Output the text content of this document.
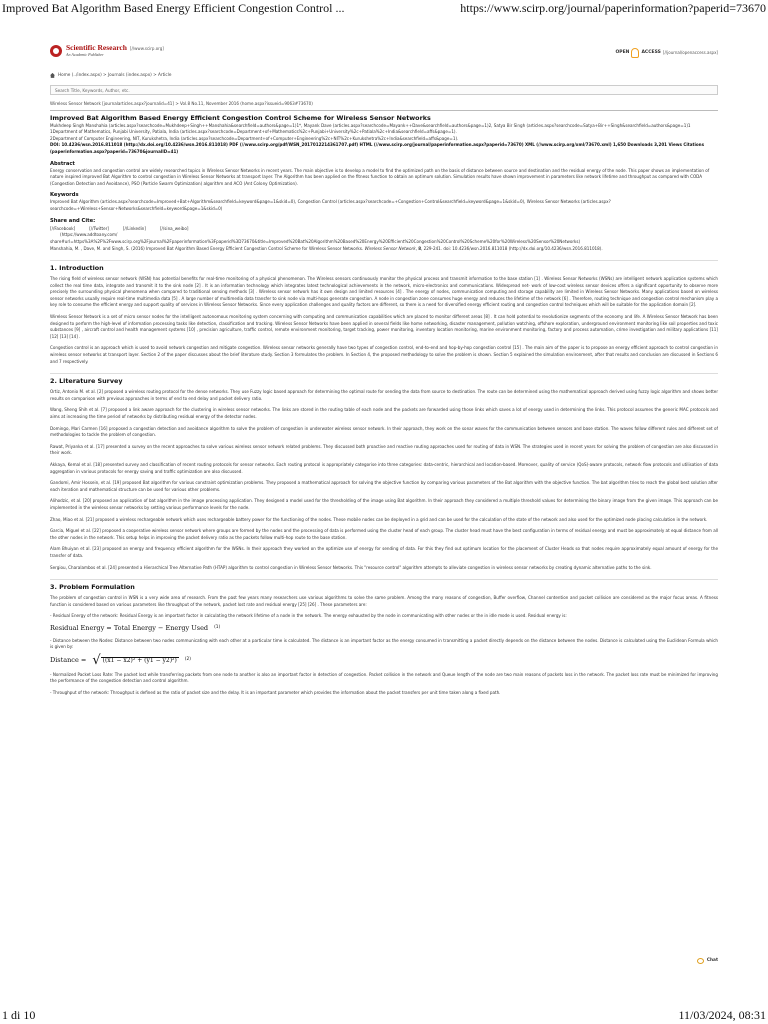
Improved Bat Algorithm Based Energy Efficient Congestion Control ...	https://www.scirp.org/journal/paperinformation?paperid=73670
Scientific Research
An Academic Publisher
[//www.scirp.org]
OPEN	ACCESS [//journal/openaccess.aspx]
Home (../index.aspx) > Journals (index.aspx) > Article
Search Title, Keywords, Author, etc.
Wireless Sensor Network [journalarticles.aspx?journalid=41] > Vol.8 No.11, November 2016 (home.aspx?issueid=9063#73670)
Improved Bat Algorithm Based Energy Efficient Congestion Control Scheme for Wireless Sensor Networks

Mukhdeep Singh Manshahia (articles.aspx?searchcode=Mukhdeep+Singh++Manshahia&searchfield=authors&page=1)1*, Mayank Dave (articles.aspx?searchcode=Mayank++Dave&searchfield=authors&page=1)2, Satya Bir Singh (articles.aspx?searchcode=Satya+Bir++Singh&searchfield=authors&page=1)1

1Department of Mathematics, Punjabi University, Patiala, India (articles.aspx?searchcode=Department+of+Mathematics%2c+Punjabi+University%2c+Patiala%2c+India&searchfield=affs&page=1).

2Department of Computer Engineering, NIT, Kurukshetra, India (articles.aspx?searchcode=Department+of+Computer+Engineering%2c+NIT%2c+Kurukshetra%2c+India&searchfield=affs&page=1).

DOI: 10.4236/wsn.2016.811018 (http://dx.doi.org/10.4236/wsn.2016.811018) PDF (//www.scirp.org/pdf/WSN_2017012214361707.pdf) HTML (//www.scirp.org/journal/paperinformation.aspx?paperid=73670) XML (//www.scirp.org/xml/73670.xml) 1,650 Downloads 3,201 Views Citations (paperinformation.aspx?paperid=73670&journalID=41)

Abstract

Energy conservation and congestion control are widely researched topics in Wireless Sensor Networks in recent years. The main objective is to develop a model to find the optimized path on the basis of distance between source and destination and the residual energy of the node. This paper shows an implementation of nature inspired improved Bat Algorithm to control congestion in Wireless Sensor Networks at transport layer. The Algorithm has been applied on the fitness function to obtain an optimum solution. Simulation results have shown improvement in parameters like network lifetime and throughput as compared with CODA (Congestion Detection and Avoidance), PSO (Particle Swarm Optimization) algorithm and ACO (Ant Colony Optimization).

Keywords

Improved Bat Algorithm (articles.aspx?searchcode=Improved+Bat+Algorithm&searchfield=keyword&page=1&skid=0), Congestion Control (articles.aspx?searchcode=+Congestion+Control&searchfield=keyword&page=1&skid=0), Wireless Sensor Networks (articles.aspx?searchcode=+Wireless+Sensor+Networks&searchfield=keyword&page=1&skid=0)

Share and Cite:
[//Facebook]	[//Twitter]	[//Linkedin]	[//sina_weibo]

(https://www.addtoany.com/

share#url=https%3A%2F%2Fwww.scirp.org%2Fjournal%2Fpaperinformation%3Fpaperid%3D73670&title=Improved%20Bat%20Algorithm%20Based%20Energy%20Efficient%20Congestion%20Control%20Scheme%20for%20Wireless%20Sensor%20Networks)

Manshahia, M. , Dave, M. and Singh, S. (2016) Improved Bat Algorithm Based Energy Efficient Congestion Control Scheme for Wireless Sensor Networks. Wireless Sensor Network, 8, 229-241. doi: 10.4236/wsn.2016.811018 (http://dx.doi.org/10.4236/wsn.2016.811018).

1. Introduction

The rising field of wireless sensor network (WSN) has potential benefits for real-time monitoring of a physical phenomenon. The Wireless sensors continuously monitor the physical process and transmit information to the base station [1] . Wireless Sensor Networks (WSNs) are intelligent network application systems which collect the real time data, integrate and transmit it to the sink node [2] . It is an information technology which integrates latest technological achievements in the network, micro-electronics and communications. Widespread net- work of low-cost wireless sensor devices offers a significant opportunity to observe more precisely the surrounding physical phenomena when compared to traditional sensing methods [3] . Wireless sensor network has it own design and limited resources [4] . The energy of nodes, communication computing and storage capability are limited in Wireless Sensor Networks. Many applications based on wireless sensor networks usually require real-time multimedia data [5] . A large number of multimedia data transfer to sink node via multi-hops generate congestion. A node in congestion zone consumes huge energy and reduces the lifetime of the network [6] . Therefore, routing technique and congestion control mechanism play a key role to consume the efficient energy and support quality of services in Wireless Sensor Networks. Since every application challenges and quality factors are different, so there is a need for diversified energy efficient routing and congestion control techniques which will be suitable for the application domain [2].

Wireless Sensor Network is a set of micro sensor nodes for the intelligent autonomous monitoring system concerning with computing and communication capabilities which are placed to monitor different areas [8] . It can hold potential to revolutionize segments of the economy and life. A Wireless Sensor Network has been designed to perform the high-level of information processing tasks like detection, classification and tracking. Wireless Sensor Networks have been applied in several fields like home networking, disaster management, pollution watching, offshore exploration, underground environment monitoring like soil properties and toxic substances [9] , aircraft control and health management systems [10] , precision agriculture, traffic control, remote environment monitoring, target tracking, power monitoring, inventory location monitoring, marine environment monitoring, factory and process automation, crime investigation and military applications [11] [12] [13] [14] .

Congestion control is an approach which is used to avoid network congestion and mitigate congestion. Wireless sensor networks generally have two types of congestion control, end-to-end and hop-by-hop congestion control [15] . The main aim of the paper is to propose an energy efficient approach to control congestion in wireless sensor networks at transport layer. Section 2 of the paper discusses about the brief literature study. Section 3 formulates the problem. In Section 4, the proposed methodology to solve the problem is shown. Section 5 explained the simulation environment, after that results and conclusion are discussed in Sections 6 and 7 respectively.

2. Literature Survey

Ortiz, Antonio M. et al. [2] proposed a wireless routing protocol for the dense networks. They use Fuzzy logic based approach for determining the optimal route for sending the data from source to destination. The route can be determined using the mathematical approach derived using fuzzy logic algorithm and shows better results on comparison with previous approaches in terms of end to end delay and packet delivery ratio.

Wang, Sheng Shih et al. [7] proposed a link aware approach for the clustering in wireless sensor networks. The links are stored in the routing table of each node and the packets are forwarded using those links which saves a lot of energy used in determining the links. This protocol assumes the generic MAC protocols and aims at increasing the time period of networks by distributing residual energy of the detector nodes.

Domingo, Mari Carmen [16] proposed a congestion detection and avoidance algorithm to solve the problem of congestion in underwater wireless sensor network. In their approach, they work on the sonar waves for the communication between sensors and base station. The waves follow different rules and different set of methodologies to tackle the problem of congestion.

Rawat, Priyanka et al. [17] presented a survey on the recent approaches to solve various wireless sensor network related problems. They discussed both proactive and reactive routing approaches used for routing of data in WSN. The strategies used in recent years for solving the problem of congestion are also discussed in their work.

Akkaya, Kemal et al. [18] presented survey and classification of recent routing protocols for sensor networks. Each routing protocol is appropriately categorise into three categories: data-centric, hierarchical and location-based. Moreover, quality of service (QoS)-aware protocols, network flow protocols and utilisation of data aggregation in various protocols for energy saving and traffic optimization are also discussed.

Gandomi, Amir Hossein, et al. [19] proposed Bat algorithm for various constraint optimization problems. They proposed a mathematical approach for solving the objective function by comparing various parameters of the Bat algorithm with the objective function. The bat algorithm tries to reach the global best solution after each iteration and mathematical structure can be used for various other problems.

Alihodzic, et al. [20] proposed an application of bat algorithm in the image processing application. They designed a model used for the thresholding of the image using Bat algorithm. In their approach they considered a multiple threshold values for determining the binary image from the given image. This approach can be implemented in the wireless sensor networks by setting various performance levels for the node.

Zhao, Miao et al. [21] proposed a wireless rechargeable network which uses rechargeable battery power for the functioning of the nodes. These mobile nodes can be deployed in a grid and can be used for the calculation of the state of the network and also used for the optimized node placing calculation in the network.

Garcia, Miguel et al. [22] proposed a cooperative wireless sensor network where groups are formed by the nodes and the processing of data is performed using the cluster head of each group. The cluster head must have the best configuration in terms of residual energy and must be approximately at equal distance from all the other nodes in the network. This setup helps in improving the packet delivery ratio as the packets follow multi-hop route to the base station.

Alam Bhuiyan et al. [23] proposed an energy and frequency efficient algorithm for the WSNs. In their approach they worked on the optimize use of energy for sending of data. For this they find out optimum location for the placement of Cluster Heads so that nodes require approximately equal amount of energy for the transfer of data.

Sergiou, Charalambos et al. [24] presented a Hierarchical Tree Alternative Path (HTAP) algorithm to control congestion in Wireless Sensor Networks. This "resource control" algorithm attempts to alleviate congestion in wireless sensor networks by creating dynamic alternative paths to the sink.

3. Problem Formulation

The problem of congestion control in WSN is a very wide area of research. From the past few years many researchers use various algorithms to solve the same problem. Among the many reasons of congestion, Buffer overflow, Channel contention and packet collision are considered as the major focus areas. A fitness function is considered based on various parameters like throughput of the network, packet lost rate and residual energy [25] [26] . These parameters are:

- Residual Energy of the network: Residual Energy is an important factor in calculating the network lifetime of a node in the network. The energy exhausted by the node in communicating with other nodes or the in idle mode is used. Residual energy is:

Residual Energy = Total Energy − Energy Used (1)

- Distance between the Nodes: Distance between two nodes communicating with each other at a particular time is calculated. The distance is an important factor as the energy consumed in transmitting a packet directly depends on the distance between the nodes. Distance is calculated using the Euclidean Formula which is given by:

Distance = √ ((x1 − x2)² + (y1 − y2)²)	(2)

- Normalized Packet Loss Rate: The packet lost while transferring packets from one node to another is also an important factor in detection of congestion. Packet collision in the network and Queue length of the node are two main reasons of packets loss in the network. The packet loss rate must be minimized for improving the performance of the congestion detection and control algorithm.

- Throughput of the network: Throughput is defined as the ratio of packet size and the delay. It is an important parameter which provides the information about the packet transfers per unit time taken along a fixed path.

Chat
1 di 10	11/03/2024, 08:31
